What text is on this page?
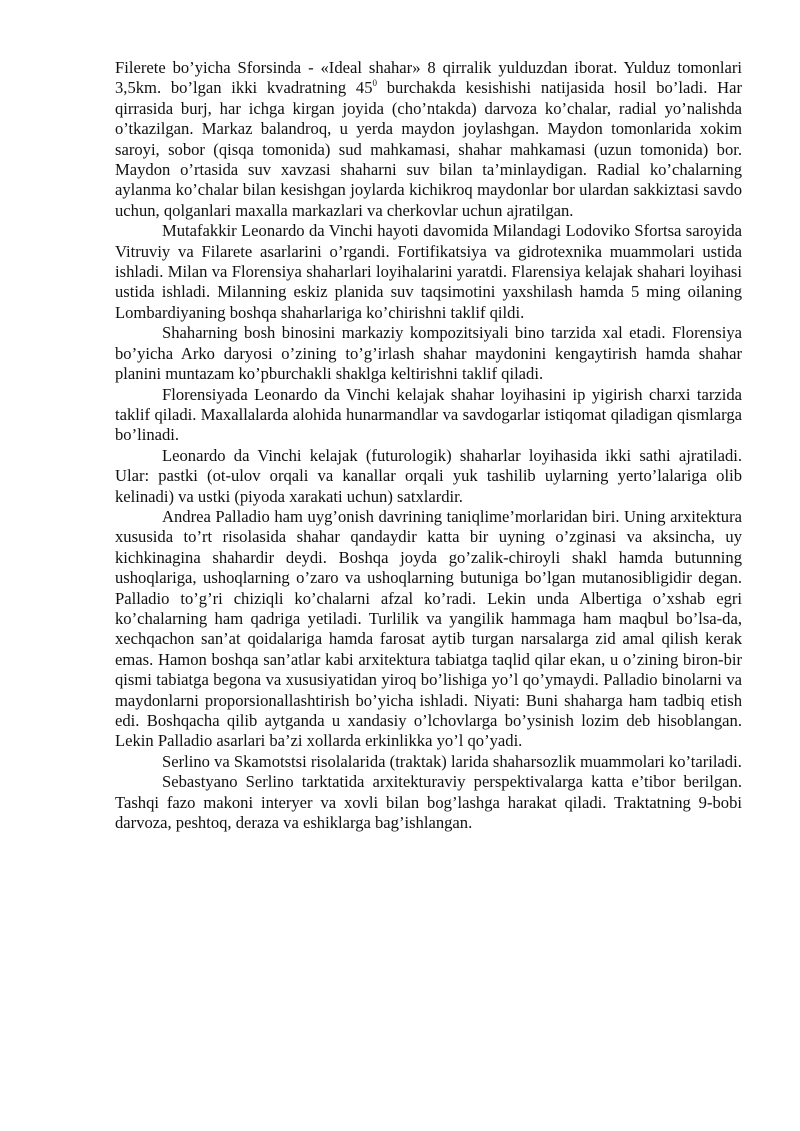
Filerete bo’yicha Sforsinda - «Ideal shahar» 8 qirralik yulduzdan iborat. Yulduz tomonlari 3,5km. bo’lgan ikki kvadratning $45^0$ burchakda kesishishi natijasida hosil bo’ladi. Har qirrasida burj, har ichga kirgan joyida (cho’ntakda) darvoza ko’chalar, radial yo’nalishda o’tkazilgan. Markaz balandroq, u yerda maydon joylashgan. Maydon tomonlarida xokim saroyi, sobor (qisqa tomonida) sud mahkamasi, shahar mahkamasi (uzun tomonida) bor. Maydon o’rtasida suv xavzasi shaharni suv bilan ta’minlaydigan. Radial ko’chalarning aylanma ko’chalar bilan kesishgan joylarda kichikroq maydonlar bor ulardan sakkiztasi savdo uchun, qolganlari maxalla markazlari va cherkovlar uchun ajratilgan.

Mutafakkir Leonardo da Vinchi hayoti davomida Milandagi Lodoviko Sfortsa saroyida Vitruviy va Filarete asarlarini o’rgandi. Fortifikatsiya va gidrotexnika muammolari ustida ishladi. Milan va Florensiya shaharlari loyihalarini yaratdi. Flarensiya kelajak shahari loyihasi ustida ishladi. Milanning eskiz planida suv taqsimotini yaxshilash hamda 5 ming oilaning Lombardiyaning boshqa shaharlariga ko’chirishni taklif qildi.

Shaharning bosh binosini markaziy kompozitsiyali bino tarzida xal etadi. Florensiya bo’yicha Arko daryosi o’zining to’g’irlash shahar maydonini kengaytirish hamda shahar planini muntazam ko’pburchakli shaklga keltirishni taklif qiladi.

Florensiyada Leonardo da Vinchi kelajak shahar loyihasini ip yigirish charxi tarzida taklif qiladi. Maxallalarda alohida hunarmandlar va savdogarlar istiqomat qiladigan qismlarga bo’linadi.

Leonardo da Vinchi kelajak (futurologik) shaharlar loyihasida ikki sathi ajratiladi. Ular: pastki (ot-ulov orqali va kanallar orqali yuk tashilib uylarning yerto’lalariga olib kelinadi) va ustki (piyoda xarakati uchun) satxlardir.

Andrea Palladio ham uyg’onish davrining taniqlime’morlaridan biri. Uning arxitektura xususida to’rt risolasida shahar qandaydir katta bir uyning o’zginasi va aksincha, uy kichkinagina shahardir deydi. Boshqa joyda go’zalik-chiroyli shakl hamda butunning ushoqlariga, ushoqlarning o’zaro va ushoqlarning butuniga bo’lgan mutanosibligidir degan. Palladio to’g’ri chiziqli ko’chalarni afzal ko’radi. Lekin unda Albertiga o’xshab egri ko’chalarning ham qadriga yetiladi. Turlilik va yangilik hammaga ham maqbul bo’lsa-da, xechqachon san’at qoidalariga hamda farosat aytib turgan narsalarga zid amal qilish kerak emas. Hamon boshqa san’atlar kabi arxitektura tabiatga taqlid qilar ekan, u o’zining biron-bir qismi tabiatga begona va xususiyatidan yiroq bo’lishiga yo’l qo’ymaydi. Palladio binolarni va maydonlarni proporsionallashtirish bo’yicha ishladi. Niyati: Buni shaharga ham tadbiq etish edi. Boshqacha qilib aytganda u xandasiy o’lchovlarga bo’ysinish lozim deb hisoblangan. Lekin Palladio asarlari ba’zi xollarda erkinlikka yo’l qo’yadi.

Serlino va Skamotstsi risolalarida (traktak) larida shaharsozlik muammolari ko’tariladi.

Sebastyano Serlino tarktatida arxitekturaviy perspektivalarga katta e’tibor berilgan. Tashqi fazo makoni interyer va xovli bilan bog’lashga harakat qiladi. Traktatning 9-bobi darvoza, peshtoq, deraza va eshiklarga bag’ishlangan.
